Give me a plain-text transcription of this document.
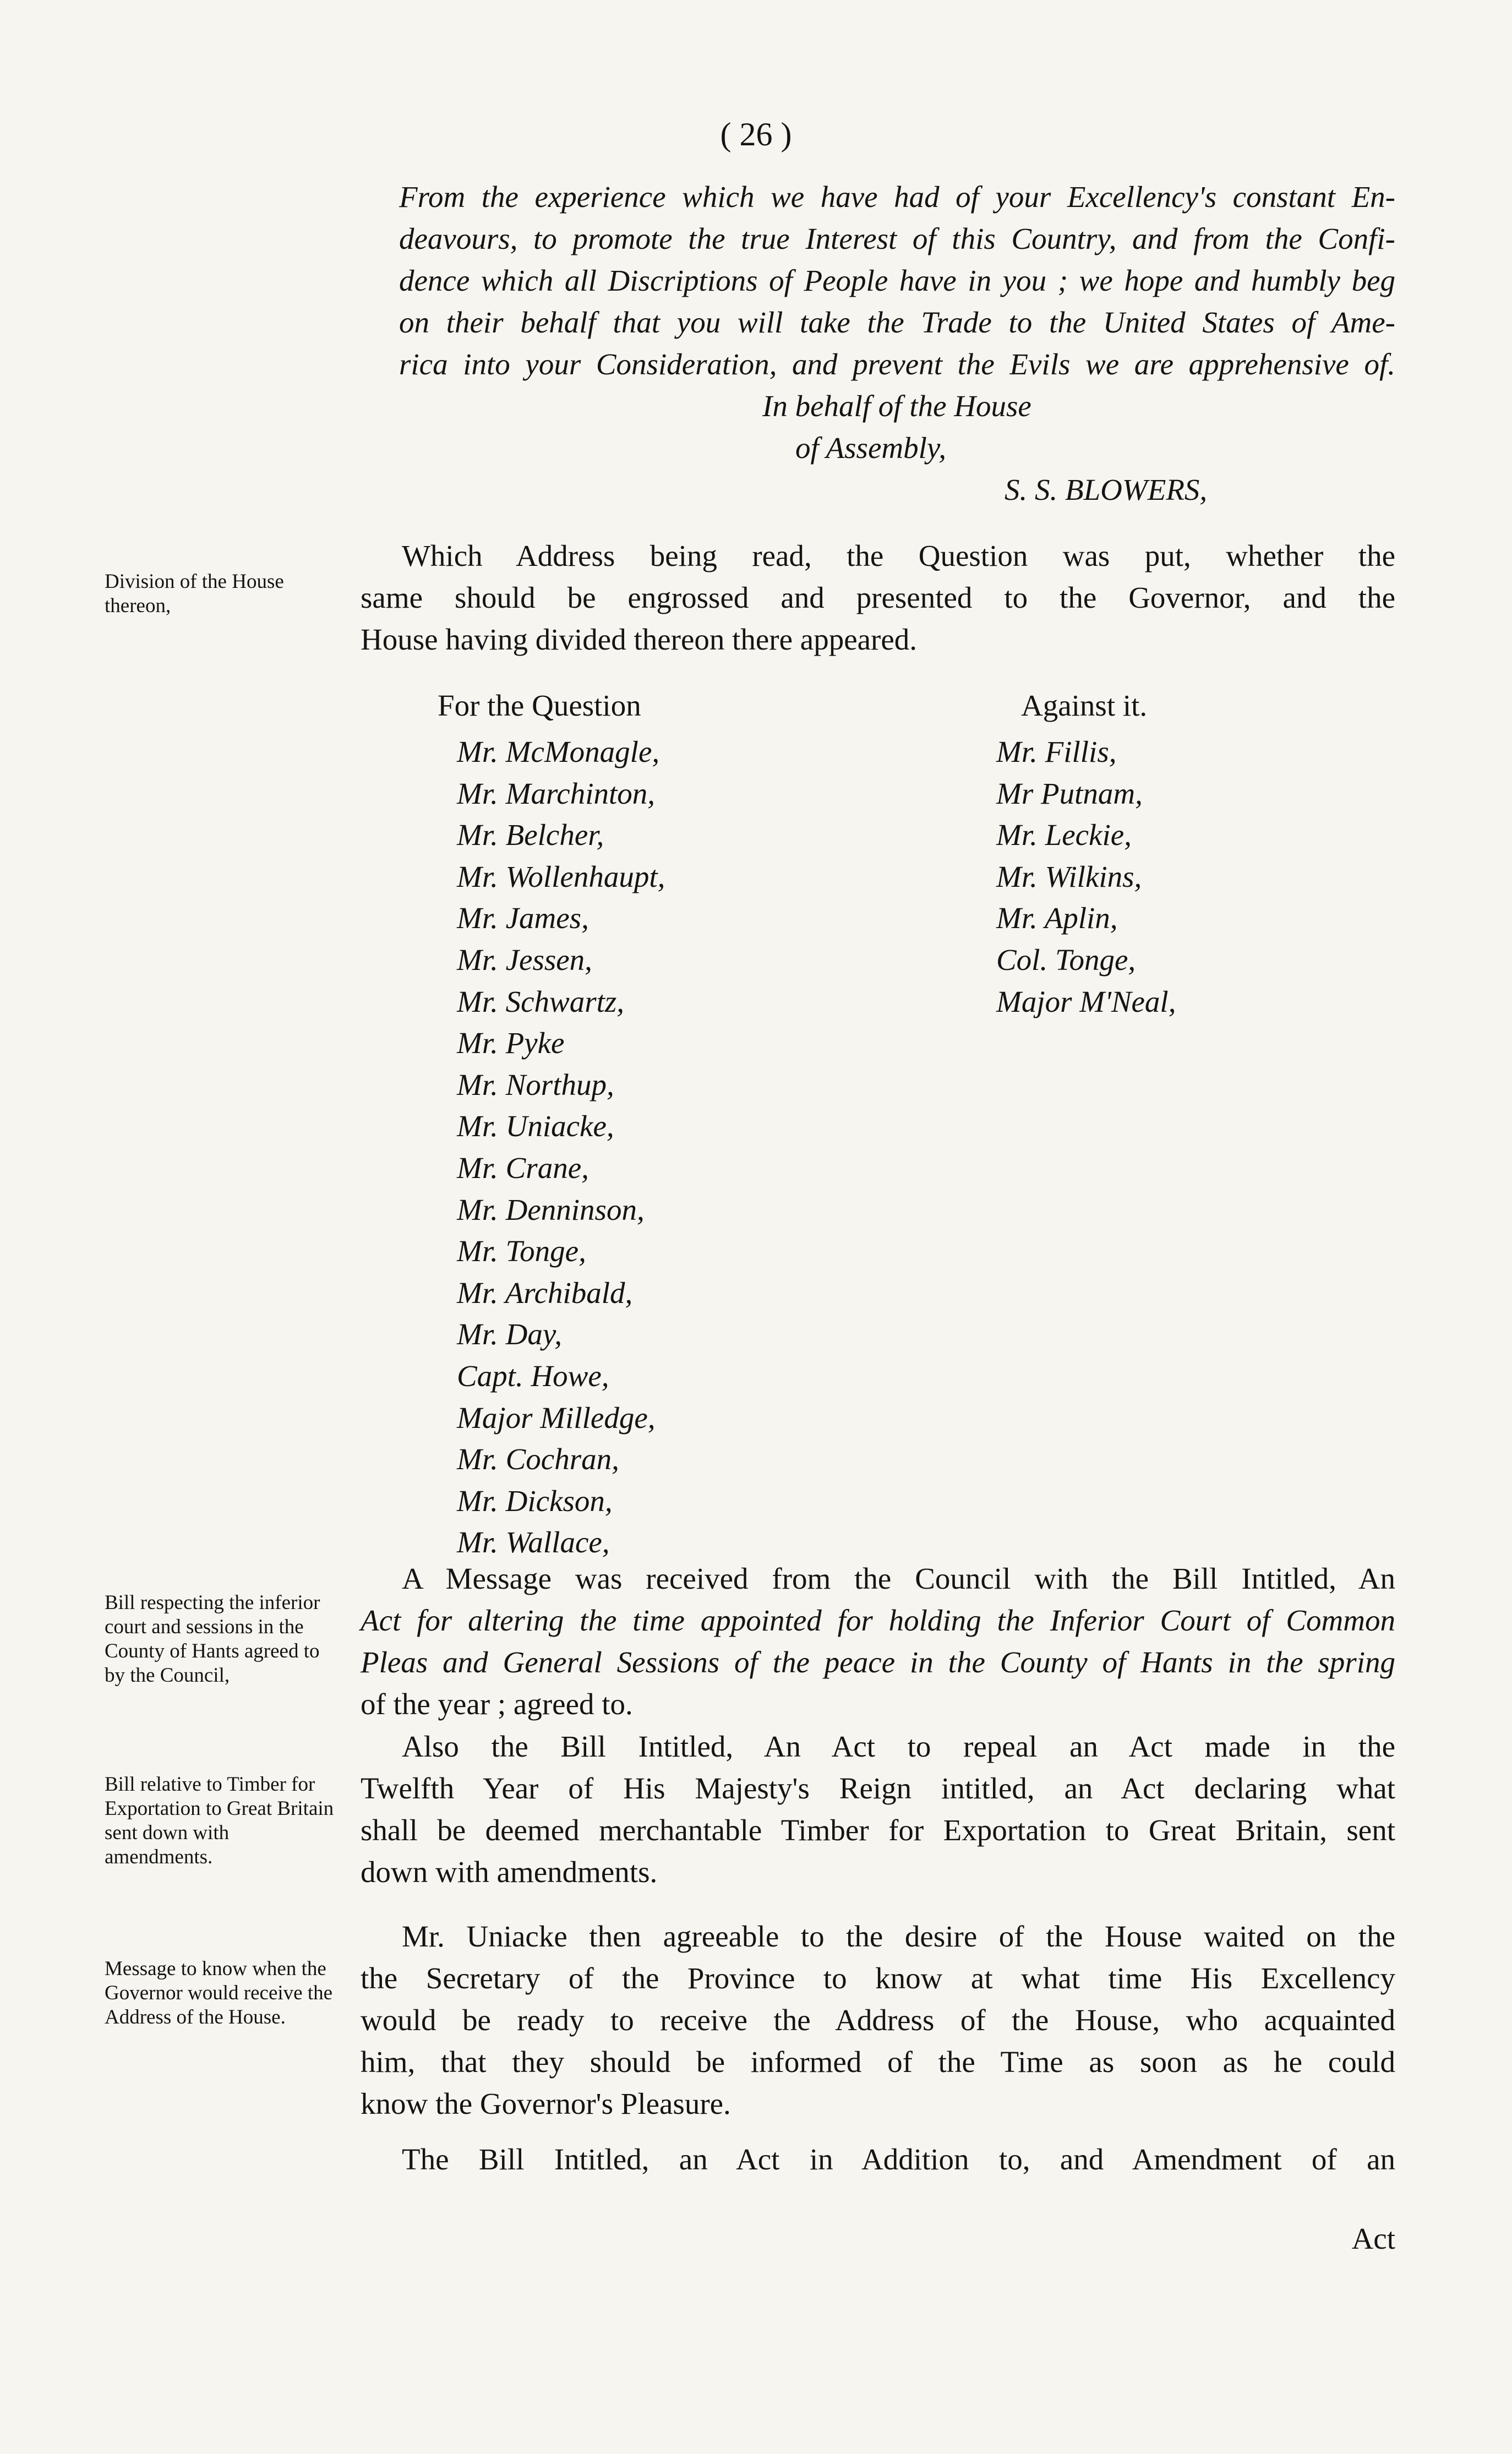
( 26 )
From the experience which we have had of your Excellency's constant En-
deavours, to promote the true Interest of this Country, and from the Confi-
dence which all Discriptions of People have in you ; we hope and humbly beg
on their behalf that you will take the Trade to the United States of Ame-
rica into your Consideration, and prevent the Evils we are apprehensive of.
In behalf of the House
of Assembly,
S. S. BLOWERS,
Division of the House thereon,
Bill respecting the inferior court and sessions in the County of Hants agreed to by the Council,
Bill relative to Timber for Exportation to Great Britain sent down with amendments.
Message to know when the Governor would receive the Address of the House.
Which Address being read, the Question was put, whether the
same should be engrossed and presented to the Governor, and the
House having divided thereon there appeared.
For the Question	Against it.
Mr. McMonagle,
Mr. Marchinton,
Mr. Belcher,
Mr. Wollenhaupt,
Mr. James,
Mr. Jessen,
Mr. Schwartz,
Mr. Pyke
Mr. Northup,
Mr. Uniacke,
Mr. Crane,
Mr. Denninson,
Mr. Tonge,
Mr. Archibald,
Mr. Day,
Capt. Howe,
Major Milledge,
Mr. Cochran,
Mr. Dickson,
Mr. Wallace,
Mr. Fillis,
Mr Putnam,
Mr. Leckie,
Mr. Wilkins,
Mr. Aplin,
Col. Tonge,
Major M'Neal,
A Message was received from the Council with the Bill Intitled, An
Act for altering the time appointed for holding the Inferior Court of Common
Pleas and General Sessions of the peace in the County of Hants in the spring
of the year ; agreed to.
Also the Bill Intitled, An Act to repeal an Act made in the
Twelfth Year of His Majesty's Reign intitled, an Act declaring what
shall be deemed merchantable Timber for Exportation to Great Britain, sent
down with amendments.
Mr. Uniacke then agreeable to the desire of the House waited on the
the Secretary of the Province to know at what time His Excellency
would be ready to receive the Address of the House, who acquainted
him, that they should be informed of the Time as soon as he could
know the Governor's Pleasure.
The Bill Intitled, an Act in Addition to, and Amendment of an
Act
